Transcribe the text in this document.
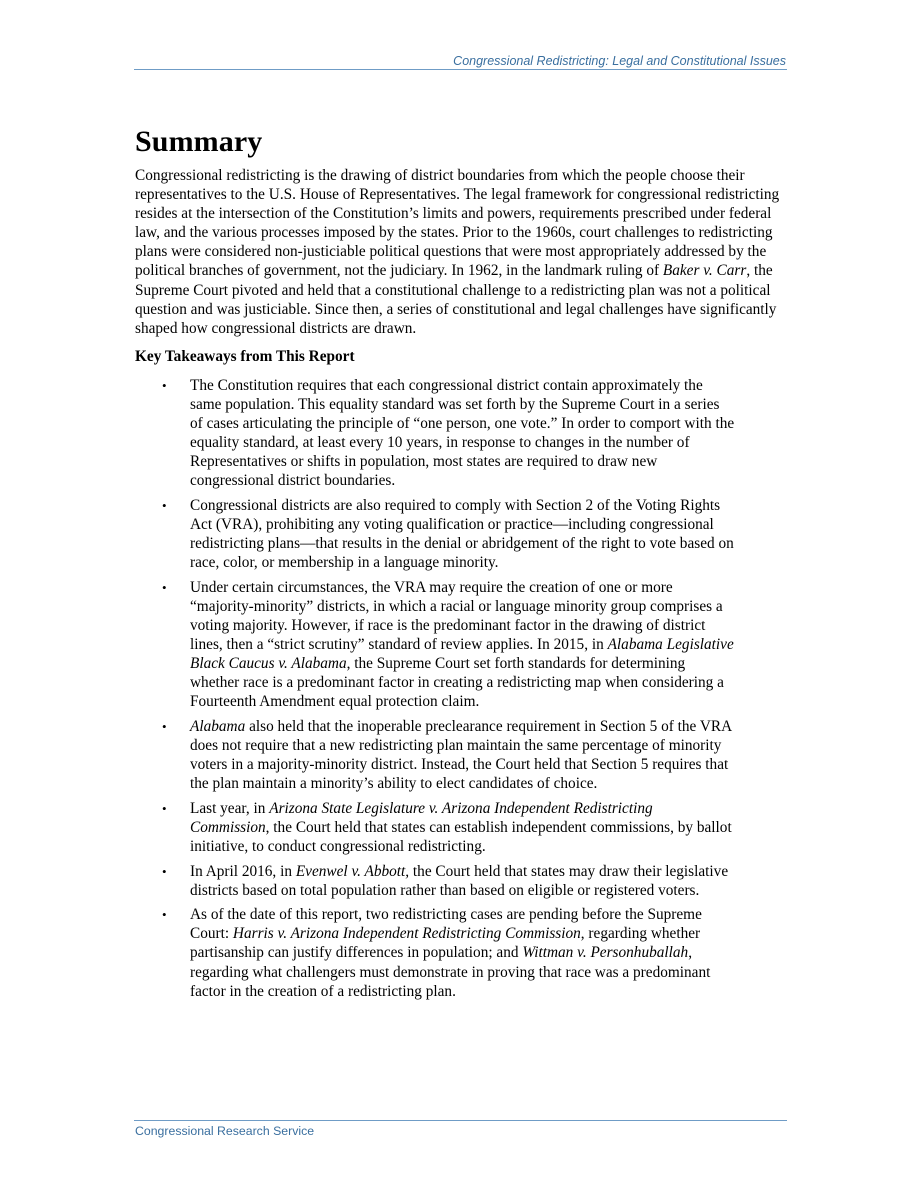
Congressional Redistricting: Legal and Constitutional Issues
Summary

Congressional redistricting is the drawing of district boundaries from which the people choose their representatives to the U.S. House of Representatives. The legal framework for congressional redistricting resides at the intersection of the Constitution’s limits and powers, requirements prescribed under federal law, and the various processes imposed by the states. Prior to the 1960s, court challenges to redistricting plans were considered non-justiciable political questions that were most appropriately addressed by the political branches of government, not the judiciary. In 1962, in the landmark ruling of Baker v. Carr, the Supreme Court pivoted and held that a constitutional challenge to a redistricting plan was not a political question and was justiciable. Since then, a series of constitutional and legal challenges have significantly shaped how congressional districts are drawn.

Key Takeaways from This Report
• The Constitution requires that each congressional district contain approximately the same population. This equality standard was set forth by the Supreme Court in a series of cases articulating the principle of “one person, one vote.” In order to comport with the equality standard, at least every 10 years, in response to changes in the number of Representatives or shifts in population, most states are required to draw new congressional district boundaries.
• Congressional districts are also required to comply with Section 2 of the Voting Rights Act (VRA), prohibiting any voting qualification or practice—including congressional redistricting plans—that results in the denial or abridgement of the right to vote based on race, color, or membership in a language minority.
• Under certain circumstances, the VRA may require the creation of one or more “majority-minority” districts, in which a racial or language minority group comprises a voting majority. However, if race is the predominant factor in the drawing of district lines, then a “strict scrutiny” standard of review applies. In 2015, in Alabama Legislative Black Caucus v. Alabama, the Supreme Court set forth standards for determining whether race is a predominant factor in creating a redistricting map when considering a Fourteenth Amendment equal protection claim.
• Alabama also held that the inoperable preclearance requirement in Section 5 of the VRA does not require that a new redistricting plan maintain the same percentage of minority voters in a majority-minority district. Instead, the Court held that Section 5 requires that the plan maintain a minority’s ability to elect candidates of choice.
• Last year, in Arizona State Legislature v. Arizona Independent Redistricting Commission, the Court held that states can establish independent commissions, by ballot initiative, to conduct congressional redistricting.
• In April 2016, in Evenwel v. Abbott, the Court held that states may draw their legislative districts based on total population rather than based on eligible or registered voters.
• As of the date of this report, two redistricting cases are pending before the Supreme Court: Harris v. Arizona Independent Redistricting Commission, regarding whether partisanship can justify differences in population; and Wittman v. Personhuballah, regarding what challengers must demonstrate in proving that race was a predominant factor in the creation of a redistricting plan.
Congressional Research Service
